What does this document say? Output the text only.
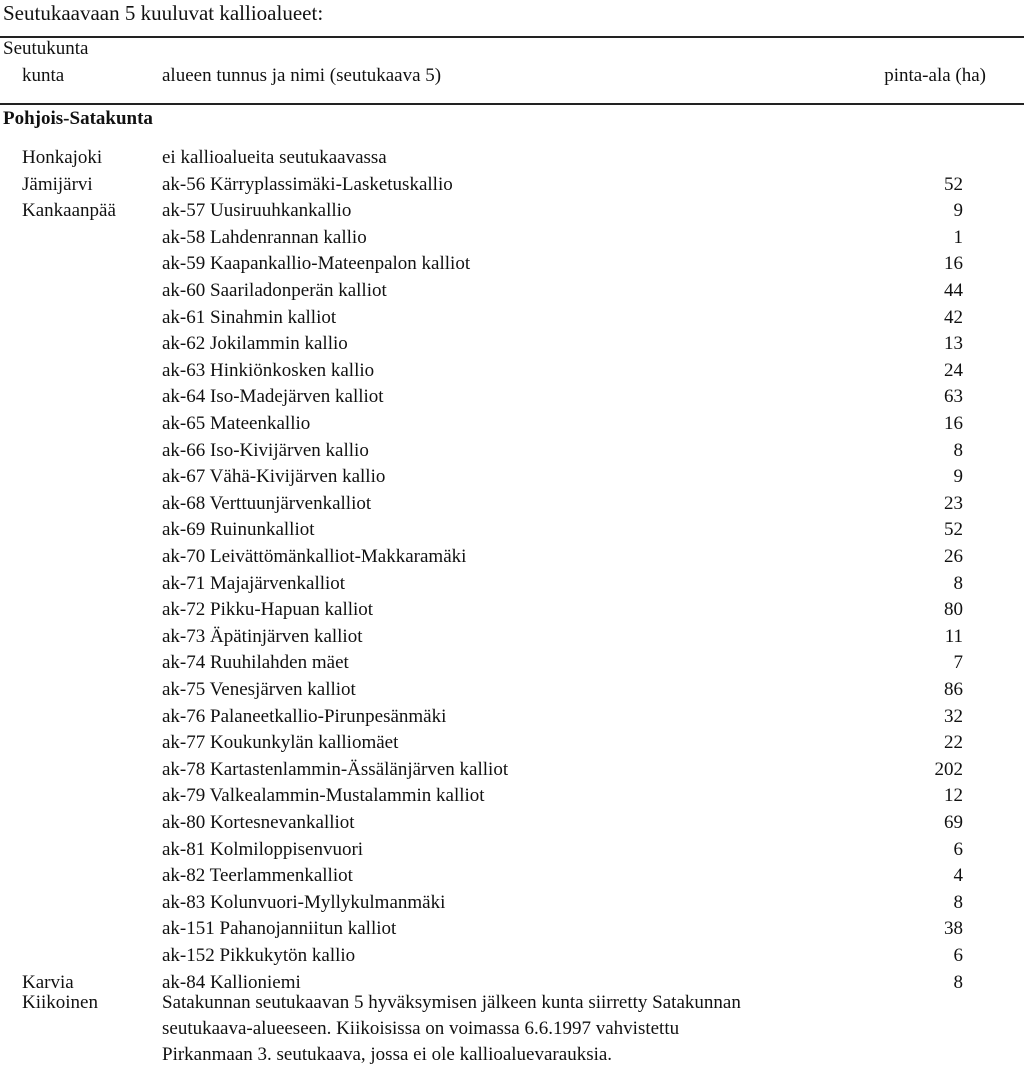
Seutukaavaan 5 kuuluvat kallioalueet:
Seutukunta
kunta	alueen tunnus ja nimi (seutukaava 5)	pinta-ala (ha)
Pohjois-Satakunta
Honkajoki	ei kallioalueita seutukaavassa
Jämijärvi	ak-56 Kärryplassimäki-Lasketuskallio	52
Kankaanpää ak-57 Uusiruuhkankallio	9
ak-58 Lahdenrannan kallio	1
ak-59 Kaapankallio-Mateenpalon kalliot	16
ak-60 Saariladonperän kalliot	44
ak-61 Sinahmin kalliot	42
ak-62 Jokilammin kallio	13
ak-63 Hinkiönkosken kallio	24
ak-64 Iso-Madejärven kalliot	63
ak-65 Mateenkallio	16
ak-66 Iso-Kivijärven kallio	8
ak-67 Vähä-Kivijärven kallio	9
ak-68 Verttuunjärvenkalliot	23
ak-69 Ruinunkalliot	52
ak-70 Leivättömänkalliot-Makkaramäki	26
ak-71 Majajärvenkalliot	8
ak-72 Pikku-Hapuan kalliot	80
ak-73 Äpätinjärven kalliot	11
ak-74 Ruuhilahden mäet	7
ak-75 Venesjärven kalliot	86
ak-76 Palaneetkallio-Pirunpesänmäki	32
ak-77 Koukunkylän kalliomäet	22
ak-78 Kartastenlammin-Ässälänjärven kalliot	202
ak-79 Valkealammin-Mustalammin kalliot	12
ak-80 Kortesnevankalliot	69
ak-81 Kolmiloppisenvuori	6
ak-82 Teerlammenkalliot	4
ak-83 Kolunvuori-Myllykulmanmäki	8
ak-151 Pahanojanniitun kalliot	38
ak-152 Pikkukytön kallio	6
Karvia	ak-84 Kallioniemi	8
Kiikoinen	Satakunnan seutukaavan 5 hyväksymisen jälkeen kunta siirretty Satakunnan
seutukaava-alueeseen. Kiikoisissa on voimassa 6.6.1997 vahvistettu
Pirkanmaan 3. seutukaava, jossa ei ole kallioaluevarauksia.
